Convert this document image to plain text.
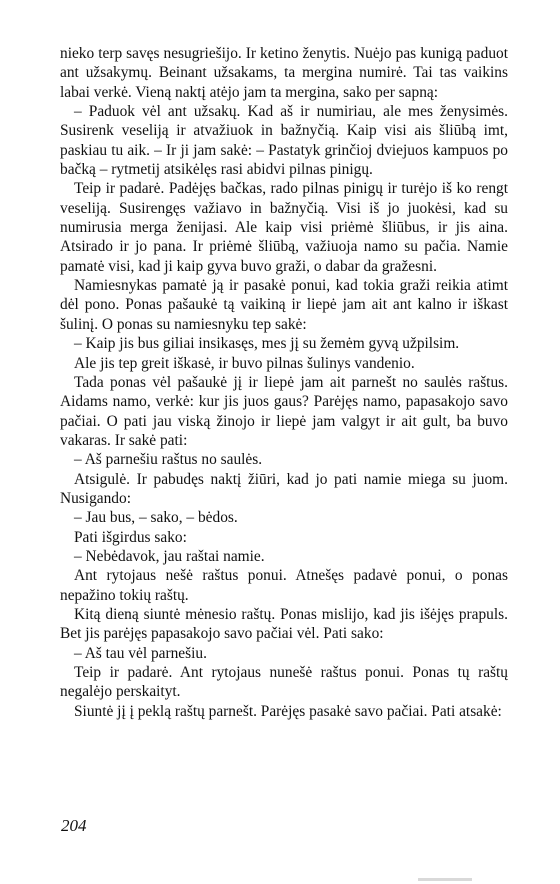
nieko terp savęs nesugriešijo. Ir ketino ženytis. Nuėjo pas kunigą paduot ant užsakymų. Beinant užsakams, ta mergina numirė. Tai tas vaikins labai verkė. Vieną naktį atėjo jam ta mergina, sako per sapną:

– Paduok vėl ant užsakų. Kad aš ir numiriau, ale mes ženysimės. Susirenk veseliją ir atvažiuok in bažnyčią. Kaip visi ais šliūbą imt, paskiau tu aik. – Ir ji jam sakė: – Pastatyk grinčioj dviejuos kampuos po bačką – rytmetij atsikėlęs rasi abidvi pilnas pinigų.

Teip ir padarė. Padėjęs bačkas, rado pilnas pinigų ir turėjo iš ko rengt veseliją. Susirengęs važiavo in bažnyčią. Visi iš jo juokėsi, kad su numirusia merga ženijasi. Ale kaip visi priėmė šliūbus, ir jis aina. Atsirado ir jo pana. Ir priėmė šliūbą, važiuoja namo su pačia. Namie pamatė visi, kad ji kaip gyva buvo graži, o dabar da gražesni.

Namiesnykas pamatė ją ir pasakė ponui, kad tokia graži reikia atimt dėl pono. Ponas pašaukė tą vaikiną ir liepė jam ait ant kalno ir iškast šulinį. O ponas su namiesnyku tep sakė:

– Kaip jis bus giliai insikasęs, mes jį su žemėm gyvą užpilsim.

Ale jis tep greit iškasė, ir buvo pilnas šulinys vandenio.

Tada ponas vėl pašaukė jį ir liepė jam ait parnešt no saulės raštus. Aidams namo, verkė: kur jis juos gaus? Parėjęs namo, papasakojo savo pačiai. O pati jau viską žinojo ir liepė jam valgyt ir ait gult, ba buvo vakaras. Ir sakė pati:

– Aš parnešiu raštus no saulės.

Atsigulė. Ir pabudęs naktį žiūri, kad jo pati namie miega su juom. Nusigando:

– Jau bus, – sako, – bėdos.

Pati išgirdus sako:

– Nebėdavok, jau raštai namie.

Ant rytojaus nešė raštus ponui. Atnešęs padavė ponui, o ponas nepažino tokių raštų.

Kitą dieną siuntė mėnesio raštų. Ponas mislijo, kad jis išėjęs prapuls. Bet jis parėjęs papasakojo savo pačiai vėl. Pati sako:

– Aš tau vėl parnešiu.

Teip ir padarė. Ant rytojaus nunešė raštus ponui. Ponas tų raštų negalėjo perskaityt.

Siuntė jį į peklą raštų parnešt. Parėjęs pasakė savo pačiai. Pati atsakė:

204
